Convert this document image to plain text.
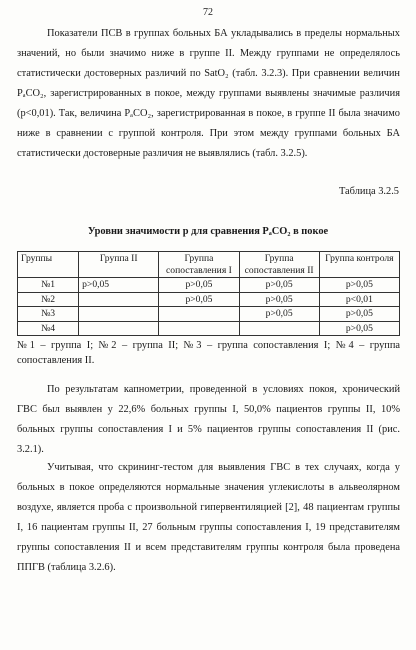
72
Показатели ПСВ в группах больных БА укладывались в пределы нормальных значений, но были значимо ниже в группе II. Между группами не определялось статистически достоверных различий по SatO₂ (табл. 3.2.3). При сравнении величин PₐCO₂, зарегистрированных в покое, между группами выявлены значимые различия (p<0,01). Так, величина PₐCO₂, зарегистрированная в покое, в группе II была значимо ниже в сравнении с группой контроля. При этом между группами больных БА статистически достоверные различия не выявлялись (табл. 3.2.5).
Таблица 3.2.5
Уровни значимости p для сравнения PₐCO₂ в покое
Группы	Группа II	Группа сопоставления I	Группа сопоставления II	Группа контроля
№1	p>0,05	p>0,05	p>0,05	p>0,05
№2		p>0,05	p>0,05	p<0,01
№3			p>0,05	p>0,05
№4				p>0,05
№1 – группа I; №2 – группа II; №3 – группа сопоставления I; №4 – группа сопоставления II.
По результатам капнометрии, проведенной в условиях покоя, хронический ГВС был выявлен у 22,6% больных группы I, 50,0% пациентов группы II, 10% больных группы сопоставления I и 5% пациентов группы сопоставления II (рис. 3.2.1).
Учитывая, что скрининг-тестом для выявления ГВС в тех случаях, когда у больных в покое определяются нормальные значения углекислоты в альвеолярном воздухе, является проба с произвольной гипервентиляцией [2], 48 пациентам группы I, 16 пациентам группы II, 27 больным группы сопоставления I, 19 представителям группы сопоставления II и всем представителям группы контроля была проведена ППГВ (таблица 3.2.6).
